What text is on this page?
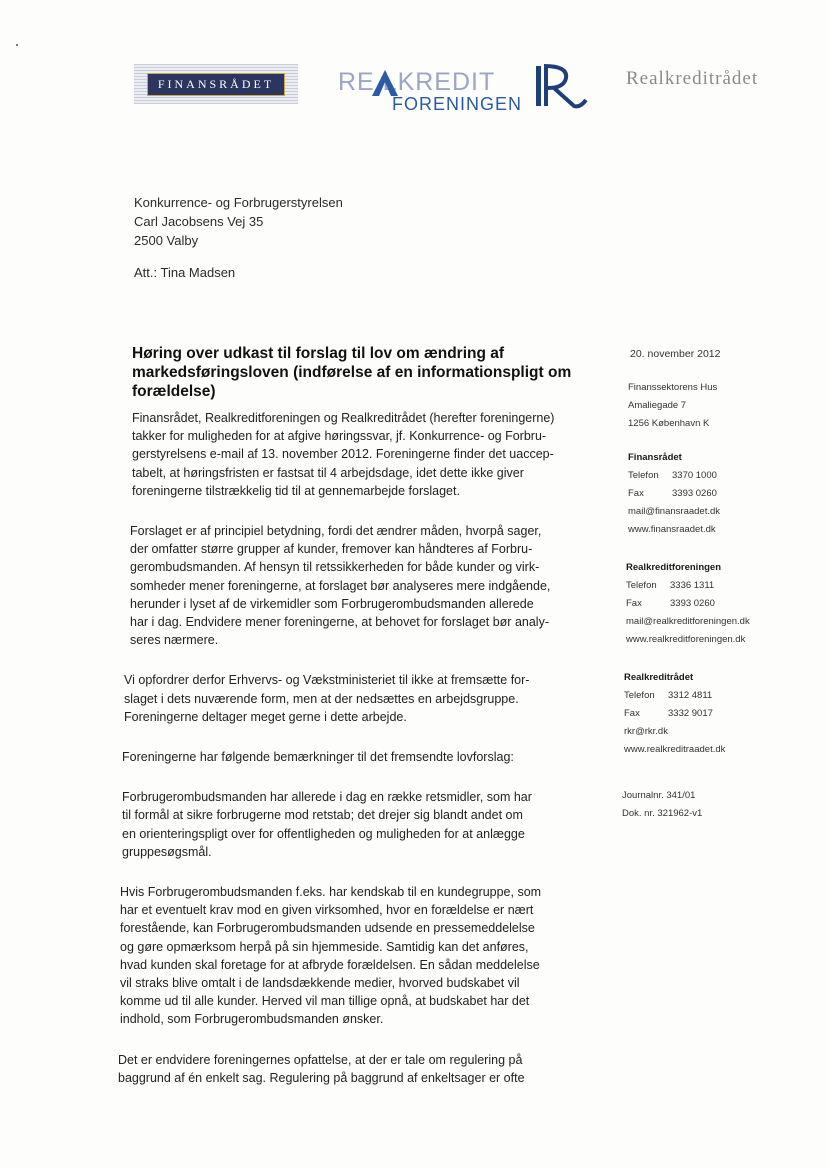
FINANSRÅDET	RE LKREDIT
FORENINGEN
Realkreditrådet
Konkurrence- og Forbrugerstyrelsen
Carl Jacobsens Vej 35
2500 Valby
Att.: Tina Madsen
Høring over udkast til forslag til lov om ændring af markedsføringsloven (indførelse af en informationspligt om forældelse)

Finansrådet, Realkreditforeningen og Realkreditrådet (herefter foreningerne)
takker for muligheden for at afgive høringssvar, jf. Konkurrence- og Forbru-
gerstyrelsens e-mail af 13. november 2012. Foreningerne finder det uaccep-
tabelt, at høringsfristen er fastsat til 4 arbejdsdage, idet dette ikke giver
foreningerne tilstrækkelig tid til at gennemarbejde forslaget.

Forslaget er af principiel betydning, fordi det ændrer måden, hvorpå sager,
der omfatter større grupper af kunder, fremover kan håndteres af Forbru-
gerombudsmanden. Af hensyn til retssikkerheden for både kunder og virk-
somheder mener foreningerne, at forslaget bør analyseres mere indgående,
herunder i lyset af de virkemidler som Forbrugerombudsmanden allerede
har i dag. Endvidere mener foreningerne, at behovet for forslaget bør analy-
seres nærmere.

Vi opfordrer derfor Erhvervs- og Vækstministeriet til ikke at fremsætte for-
slaget i dets nuværende form, men at der nedsættes en arbejdsgruppe.
Foreningerne deltager meget gerne i dette arbejde.

Foreningerne har følgende bemærkninger til det fremsendte lovforslag:

Forbrugerombudsmanden har allerede i dag en række retsmidler, som har
til formål at sikre forbrugerne mod retstab; det drejer sig blandt andet om
en orienteringspligt over for offentligheden og muligheden for at anlægge
gruppesøgsmål.

Hvis Forbrugerombudsmanden f.eks. har kendskab til en kundegruppe, som
har et eventuelt krav mod en given virksomhed, hvor en forældelse er nært
forestående, kan Forbrugerombudsmanden udsende en pressemeddelelse
og gøre opmærksom herpå på sin hjemmeside. Samtidig kan det anføres,
hvad kunden skal foretage for at afbryde forældelsen. En sådan meddelelse
vil straks blive omtalt i de landsdækkende medier, hvorved budskabet vil
komme ud til alle kunder. Herved vil man tillige opnå, at budskabet har det
indhold, som Forbrugerombudsmanden ønsker.

Det er endvidere foreningernes opfattelse, at der er tale om regulering på
baggrund af én enkelt sag. Regulering på baggrund af enkeltsager er ofte

20. november 2012
Finanssektorens Hus
Amaliegade 7
1256 København K
Finansrådet
Telefon 3370 1000
Fax	3393 0260
mail@finansraadet.dk
www.finansraadet.dk
Realkreditforeningen
Telefon 3336 1311
Fax	3393 0260
mail@realkreditforeningen.dk
www.realkreditforeningen.dk
Realkreditrådet
Telefon 3312 4811
Fax	3332 9017
rkr@rkr.dk
www.realkreditraadet.dk
Journalnr. 341/01
Dok. nr. 321962-v1
